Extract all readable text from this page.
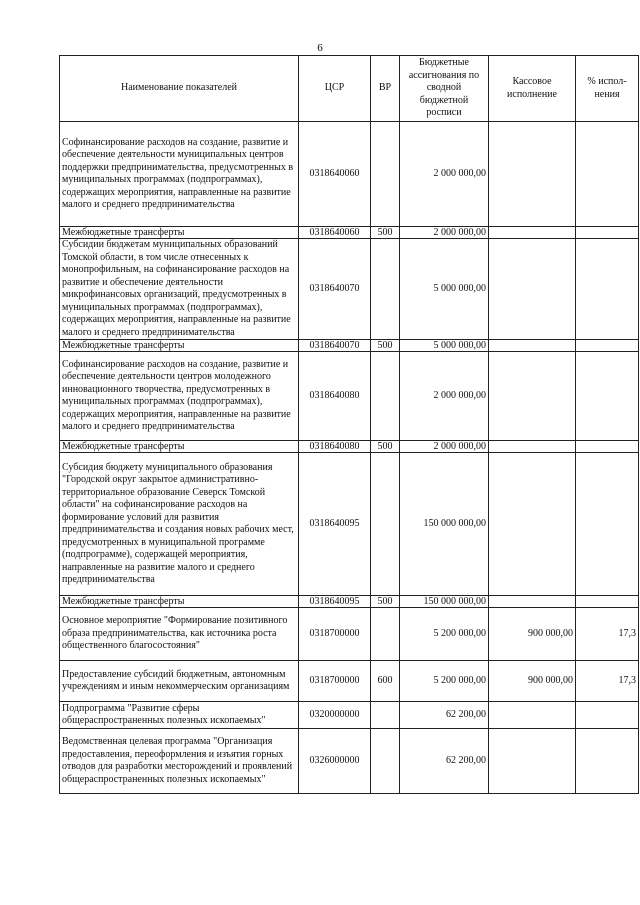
6
Наименование показателей	ЦСР	ВР	Бюджетные ассигнования по сводной бюджетной росписи	Кассовое исполнение	% испол- нения
Софинансирование расходов на создание, развитие и обеспечение деятельности муниципальных центров поддержки предпринимательства, предусмотренных в муниципальных программах (подпрограммах), содержащих мероприятия, направленные на развитие малого и среднего предпринимательства	0318640060		2 000 000,00		
Межбюджетные трансферты	0318640060	500	2 000 000,00		

Субсидии бюджетам муниципальных образований Томской области, в том числе отнесенных к монопрофильным, на софинансирование расходов на развитие и обеспечение деятельности микрофинансовых организаций, предусмотренных в муниципальных программах (подпрограммах), содержащих мероприятия, направленные на развитие малого и среднего предпринимательства	0318640070		5 000 000,00		
Межбюджетные трансферты	0318640070	500	5 000 000,00		
Софинансирование расходов на создание, развитие и обеспечение деятельности центров молодежного инновационного творчества, предусмотренных в муниципальных программах (подпрограммах), содержащих мероприятия, направленные на развитие малого и среднего предпринимательства	0318640080		2 000 000,00		
Межбюджетные трансферты	0318640080	500	2 000 000,00		
Субсидия бюджету муниципального образования "Городской округ закрытое административно-территориальное образование Северск Томской области" на софинансирование расходов на формирование условий для развития предпринимательства и создания новых рабочих мест, предусмотренных в муниципальной программе (подпрограмме), содержащей мероприятия, направленные на развитие малого и среднего предпринимательства	0318640095		150 000 000,00		
Межбюджетные трансферты	0318640095	500	150 000 000,00		
Основное мероприятие "Формирование позитивного образа предпринимательства, как источника роста общественного благосостояния"	0318700000		5 200 000,00	900 000,00	17,3
Предоставление субсидий бюджетным, автономным учреждениям и иным некоммерческим организациям	0318700000	600	5 200 000,00	900 000,00	17,3
Подпрограмма "Развитие сферы общераспространенных полезных ископаемых"	0320000000		62 200,00		
Ведомственная целевая программа "Организация предоставления, переоформления и изъятия горных отводов для разработки месторождений и проявлений общераспространенных полезных ископаемых"	0326000000		62 200,00		
